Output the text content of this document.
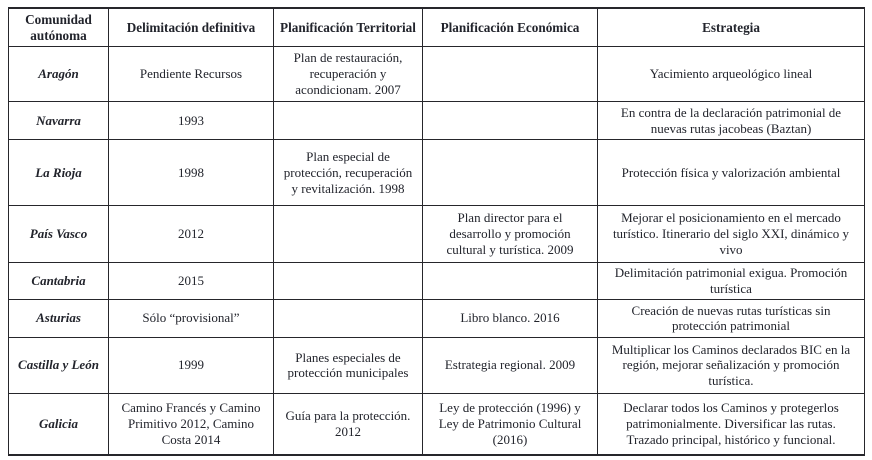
Comunidad autónoma	Delimitación definitiva	Planificación Territorial	Planificación Económica	Estrategia
Aragón	Pendiente Recursos	Plan de restauración, recuperación y acondicionam. 2007		Yacimiento arqueológico lineal
Navarra	1993			En contra de la declaración patrimonial de nuevas rutas jacobeas (Baztan)
La Rioja	1998	Plan especial de protección, recuperación y revitalización. 1998		Protección física y valorización ambiental
País Vasco	2012		Plan director para el desarrollo y promoción cultural y turística. 2009	Mejorar el posicionamiento en el mercado turístico. Itinerario del siglo XXI, dinámico y vivo
Cantabria	2015			Delimitación patrimonial exigua. Promoción turística
Asturias	Sólo “provisional”		Libro blanco. 2016	Creación de nuevas rutas turísticas sin protección patrimonial
Castilla y León	1999	Planes especiales de protección municipales	Estrategia regional. 2009	Multiplicar los Caminos declarados BIC en la región, mejorar señalización y promoción turística.
Galicia	Camino Francés y Camino Primitivo 2012, Camino Costa 2014	Guía para la protección. 2012	Ley de protección (1996) y Ley de Patrimonio Cultural (2016)	Declarar todos los Caminos y protegerlos patrimonialmente. Diversificar las rutas. Trazado principal, histórico y funcional.
